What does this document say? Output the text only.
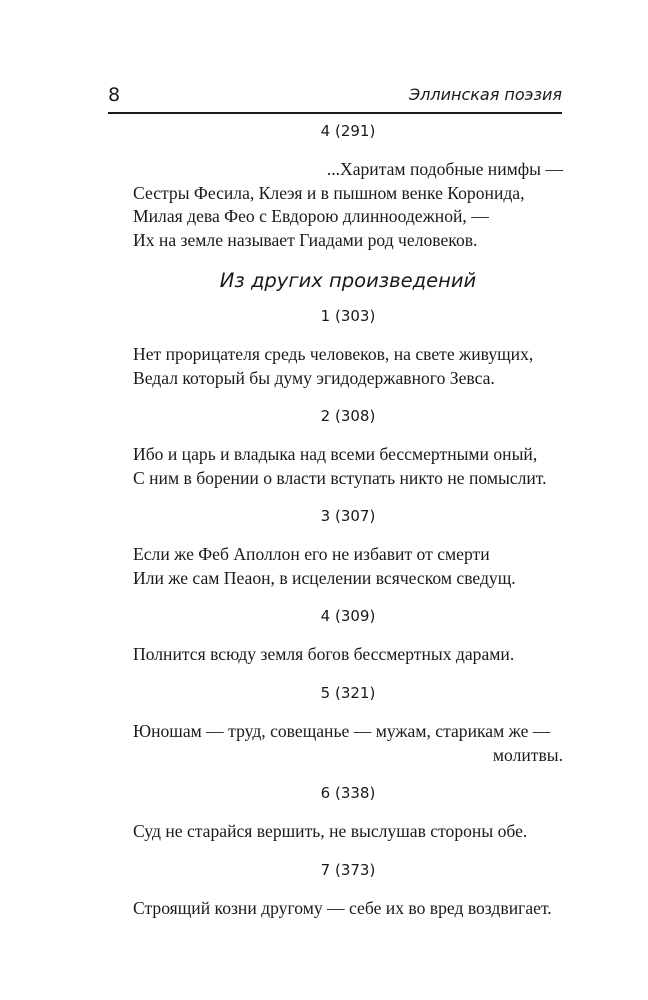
8	Эллинская поэзия

4 (291)

...Харитам подобные нимфы —
Сестры Фесила, Клеэя и в пышном венке Коронида,
Милая дева Фео с Евдорою длинноодежной, —
Их на земле называет Гиадами род человеков.

Из других произведений

1 (303)

Нет прорицателя средь человеков, на свете живущих,
Ведал который бы думу эгидодержавного Зевса.

2 (308)

Ибо и царь и владыка над всеми бессмертными оный,
С ним в борении о власти вступать никто не помыслит.

3 (307)

Если же Феб Аполлон его не избавит от смерти
Или же сам Пеаон, в исцелении всяческом сведущ.

4 (309)

Полнится всюду земля богов бессмертных дарами.

5 (321)

Юношам — труд, совещанье — мужам, старикам же —
молитвы.

6 (338)

Суд не старайся вершить, не выслушав стороны обе.

7 (373)

Строящий козни другому — себе их во вред воздвигает.
